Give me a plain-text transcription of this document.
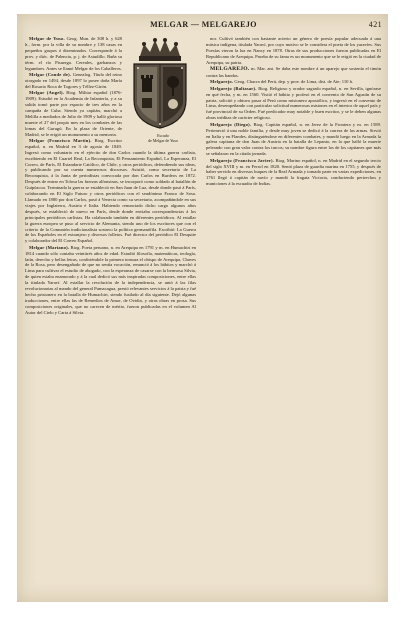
MELGAR — MELGAREJO	421
Escudo
de Melgar de Yuso

Melgar de Yuso. Geog. Mun. de 308 h. y 628 h., form. por la villa de su nombre y 138 casas en pequeños grupos ó diseminados. Corresponde á la prov. y dióc. de Palencia, p. j. de Astudillo. Baña su térm. el río Pisuerga. Cereales, garbanzos y legumbres. Antes se llamó Melgar de los Caballeros.

Melgar (Conde de). Genealog. Título del reino otorgado en 1494, desde 1897 lo posee doña María del Rosario Roca de Togores y Téllez-Girón.

Melgar (Angel). Biog. Militar español (1876-1909). Estudió en la Academia de Infantería, y a su salida tomó parte por espacio de tres años en la campaña de Cuba. Siendo ya capitán, marchó a Melilla a mediados de Julio de 1909 y halló gloriosa muerte el 27 del propio mes en los combates de las lomas del Gurugú. En la plaza de Oriente, de Madrid, se le erigió un monumento a su memoria.

Melgar (Francisco Martín). Biog. Escritor español, n. en Madrid en 3 de agosto de 1849. Ingresó como voluntario en el ejército de don Carlos cuando la última guerra carlista, escribiendo en El Cuartel Real, La Reconquista, El Pensamiento Español, La Esperanza, El Correo, de París, El Estandarte Católico, de Chile, y otros periódicos, defendiendo sus ideas, y publicando por su cuenta numerosos discursos. Asistió, como secretario de La Reconquista, á la Junta de periodistas convocada por don Carlos en Burdeos en 1872. Después de entrar en Tolosa las fuerzas alfonsinas, se incorporó como soldado al batallón de Guipúzcoa. Terminada la guerra se estableció en San Juan de Luz, desde donde pasó á París, colaborando en El Siglo Futuro y otros periódicos con el seudónimo Franco de Sosa. Llamado en 1880 por don Carlos, pasó á Venecia como su secretario, acompañándole en sus viajes por Inglaterra, Austria é Italia. Habiendo renunciado dicho cargo algunos años después, se estableció de nuevo en París, desde donde enviaba correspondencias á los principales periódicos carlistas. Ha colaborado también en diferentes periódicos. Al estallar la guerra europea se puso al servicio de Alemania, siendo uno de los escritores que con el criterio de la Comunión tradicionalista sostuvo la política germanófila. Escribió: La Guerra de los Españoles en el extranjero y diversos folletos. Fué director del periódico El Desquite y colaborador del El Correo Español.

Melgar (Mariano). Biog. Poeta peruano, n. en Arequipa en 1791 y m. en Humachiri en 1814 cuando sólo contaba veintitrés años de edad. Estudió filosofía, matemáticas, teología, latín, derecho y bellas letras, confiriéndole la primera tonsura el obispo de Arequipa, Chaves de la Rosa, pero desengañado de que no sentía vocación, renunció á los hábitos y marchó á Lima para cultivar el estudio de abogado, con la esperanza de casarse con la hermosa Silvia, de quien estaba enamorado y á la cual dedicó sus más inspiradas composiciones, entre ellas la titulada Yaraví. Al estallar la revolución de la independencia, se unió á las filas revolucionarias al mando del general Pumacagua, prestó relevantes servicios á la patria y fué hecho prisionero en la batalla de Humachiri, siendo fusilado al día siguiente. Dejó algunas traducciones, entre ellas las de Remedios de Amor, de Ovidio, y otras obras en prosa. Sus composiciones originales, que no carecen de mérito, fueron publicadas en el volumen Al Autor del Cielo y Carta á Silvia.

nor. Cultivó también con bastante acierto un género de poesía popular adecuada á una música indígena, titulada Yaraví, por cuyo motivo se le considera el poeta de los yaravíes. Sus Poesías vieron la luz en Nancy en 1878. Otras de sus producciones fueron publicadas en El Republicano de Arequipa. Prueba de su fama es un monumento que se le erigió en la ciudad de Arequipa, su patria.

MELGAREJO. m. Mar. ant. Se daba este nombre á un aparejo que sostenía el timón contra las bandas.

Melgarejo. Geog. Chacra del Perú, dep. y prov. de Lima, dist. de Ate; 110 h.

Melgarejo (Baltasar). Biog. Religioso y orador sagrado español, n. en Sevilla, ignórase en qué fecha, y m. en 1560. Vistió el hábito y profesó en el convento de San Agustín de su patria, solicitó y obtuvo pasar al Perú como misionero apostólico, y ingresó en el convento de Lima, desempeñando con particular solicitud numerosas misiones en el interior de aquel país y fué provincial de su Orden. Fué predicador muy notable y buen escritor, y se le deben algunas obras inéditas de carácter religioso.

Melgarejo (Diego). Biog. Capitán español, n. en Jerez de la Frontera y m. en 1589. Perteneció á una noble familia, y desde muy joven se dedicó á la carrera de las armas. Sirvió en Italia y en Flandes, distinguiéndose en diferentes combates, y mandó luego en la Armada la galera capitana de don Juan de Austria en la batalla de Lepanto, en la que halló la muerte peleando con gran valor contra los turcos; su nombre figura entre los de los capitanes que más se señalaron en la citada jornada.

Melgarejo (Francisco Javier). Biog. Marino español, n. en Madrid en el segundo tercio del siglo XVIII y m. en Ferrol en 1820. Sentó plaza de guardia marina en 1755, y después de haber servido en diversos buques de la Real Armada y tomado parte en varias expediciones, en 1761 llegó á capitán de navío y mandó la fragata Victoria, conduciendo pertrechos y municiones á la escuadra de Indias.
